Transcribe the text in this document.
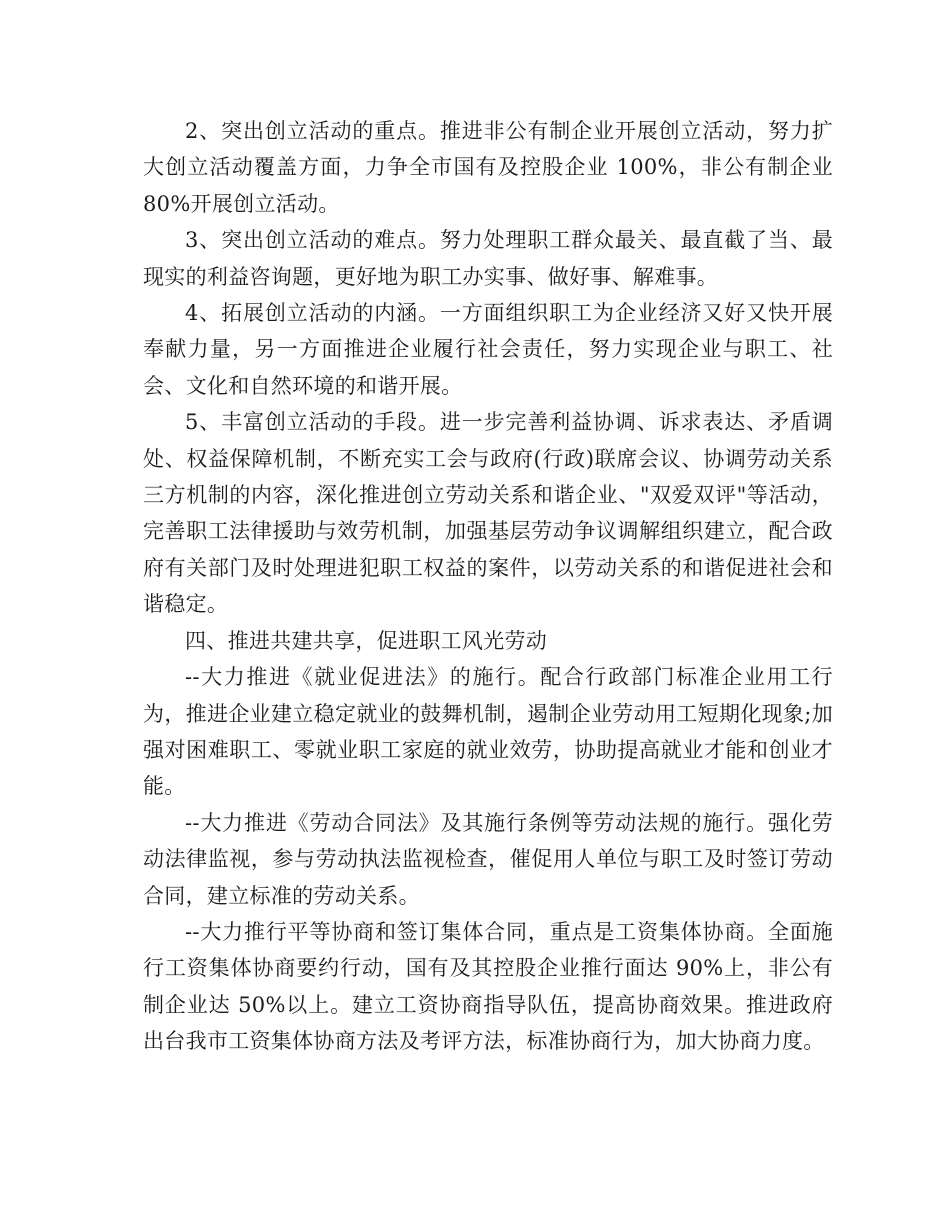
2、突出创立活动的重点。推进非公有制企业开展创立活动，努力扩大创立活动覆盖方面，力争全市国有及控股企业 100%，非公有制企业 80%开展创立活动。

3、突出创立活动的难点。努力处理职工群众最关、最直截了当、最现实的利益咨询题，更好地为职工办实事、做好事、解难事。

4、拓展创立活动的内涵。一方面组织职工为企业经济又好又快开展奉献力量，另一方面推进企业履行社会责任，努力实现企业与职工、社会、文化和自然环境的和谐开展。

5、丰富创立活动的手段。进一步完善利益协调、诉求表达、矛盾调处、权益保障机制，不断充实工会与政府(行政)联席会议、协调劳动关系三方机制的内容，深化推进创立劳动关系和谐企业、"双爱双评"等活动，完善职工法律援助与效劳机制，加强基层劳动争议调解组织建立，配合政府有关部门及时处理进犯职工权益的案件，以劳动关系的和谐促进社会和谐稳定。

四、推进共建共享，促进职工风光劳动

--大力推进《就业促进法》的施行。配合行政部门标准企业用工行为，推进企业建立稳定就业的鼓舞机制，遏制企业劳动用工短期化现象;加强对困难职工、零就业职工家庭的就业效劳，协助提高就业才能和创业才能。

--大力推进《劳动合同法》及其施行条例等劳动法规的施行。强化劳动法律监视，参与劳动执法监视检查，催促用人单位与职工及时签订劳动合同，建立标准的劳动关系。

--大力推行平等协商和签订集体合同，重点是工资集体协商。全面施行工资集体协商要约行动，国有及其控股企业推行面达 90%上，非公有制企业达 50%以上。建立工资协商指导队伍，提高协商效果。推进政府出台我市工资集体协商方法及考评方法，标准协商行为，加大协商力度。
